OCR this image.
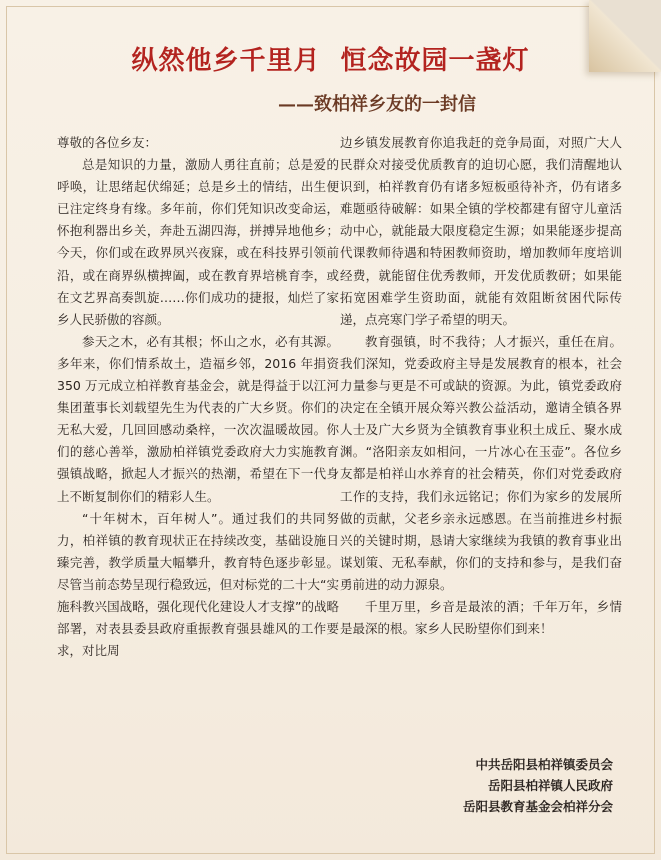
纵然他乡千里月  恒念故园一盏灯
——致柏祥乡友的一封信

尊敬的各位乡友：

总是知识的力量，激励人勇往直前；总是爱的呼唤，让思绪起伏绵延；总是乡土的情结，出生便已注定终身有缘。多年前，你们凭知识改变命运，怀抱利器出乡关，奔赴五湖四海，拼搏异地他乡；今天，你们或在政界夙兴夜寐，或在科技界引领前沿，或在商界纵横捭阖，或在教育界培桃育李，或在文艺界高奏凯旋……你们成功的捷报，灿烂了家乡人民骄傲的容颜。

参天之木，必有其根；怀山之水，必有其源。多年来，你们情系故土，造福乡邻，2016 年捐资 350 万元成立柏祥教育基金会，就是得益于以江河集团董事长刘载望先生为代表的广大乡贤。你们的无私大爱，几回回感动桑梓，一次次温暖故园。你们的慈心善举，激励柏祥镇党委政府大力实施教育强镇战略，掀起人才振兴的热潮，希望在下一代身上不断复制你们的精彩人生。

“十年树木，百年树人”。通过我们的共同努力，柏祥镇的教育现状正在持续改变，基础设施日臻完善，教学质量大幅攀升，教育特色逐步彰显。尽管当前态势呈现行稳致远，但对标党的二十大“实施科教兴国战略，强化现代化建设人才支撑”的战略部署，对表县委县政府重振教育强县雄风的工作要求，对比周

边乡镇发展教育你追我赶的竞争局面，对照广大人民群众对接受优质教育的迫切心愿，我们清醒地认识到，柏祥教育仍有诸多短板亟待补齐，仍有诸多难题亟待破解：如果全镇的学校都建有留守儿童活动中心，就能最大限度稳定生源；如果能逐步提高代课教师待遇和特困教师资助，增加教师年度培训经费，就能留住优秀教师，开发优质教研；如果能拓宽困难学生资助面，就能有效阻断贫困代际传递，点亮寒门学子希望的明天。

教育强镇，时不我待；人才振兴，重任在肩。我们深知，党委政府主导是发展教育的根本，社会力量参与更是不可或缺的资源。为此，镇党委政府决定在全镇开展众筹兴教公益活动，邀请全镇各界人士及广大乡贤为全镇教育事业积土成丘、聚水成渊。“洛阳亲友如相问，一片冰心在玉壶”。各位乡友都是柏祥山水养育的社会精英，你们对党委政府工作的支持，我们永远铭记；你们为家乡的发展所做的贡献，父老乡亲永远感恩。在当前推进乡村振兴的关键时期，恳请大家继续为我镇的教育事业出谋划策、无私奉献，你们的支持和参与，是我们奋勇前进的动力源泉。

千里万里，乡音是最浓的酒；千年万年，乡情是最深的根。家乡人民盼望你们到来！

中共岳阳县柏祥镇委员会
岳阳县柏祥镇人民政府
岳阳县教育基金会柏祥分会
